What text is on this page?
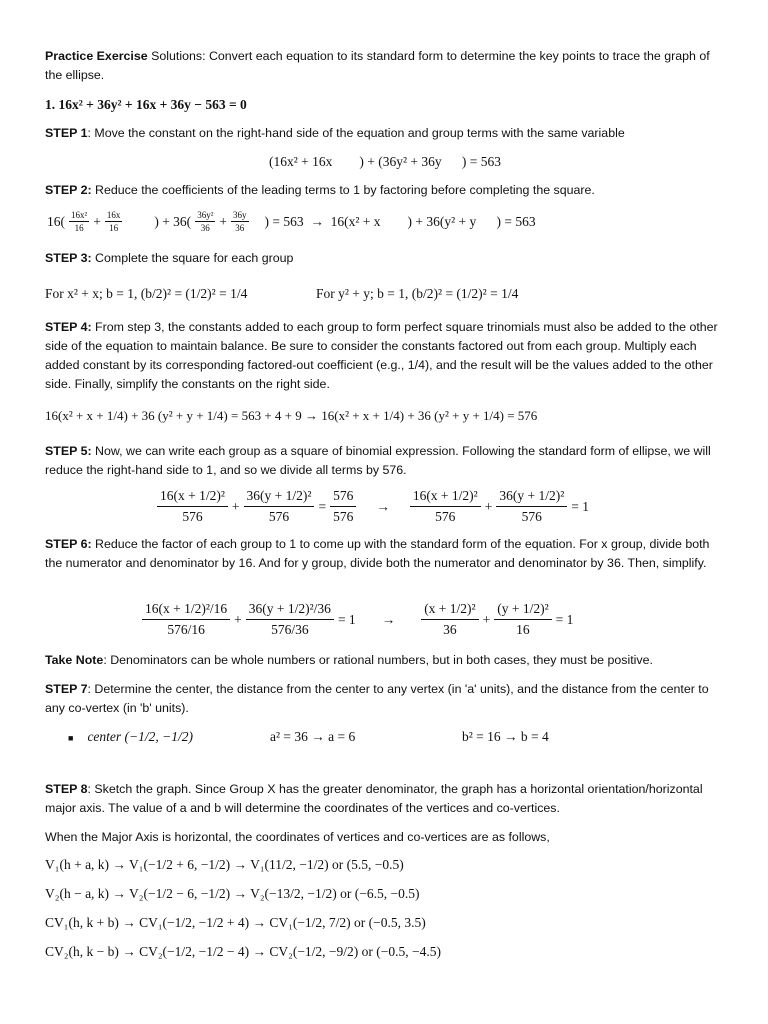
Practice Exercise Solutions: Convert each equation to its standard form to determine the key points to trace the graph of the ellipse.

1. 16x² + 36y² + 16x + 36y − 563 = 0

STEP 1: Move the constant on the right-hand side of the equation and group terms with the same variable

(16x² + 16x        ) + (36y² + 36y      ) = 563

STEP 2: Reduce the coefficients of the leading terms to 1 by factoring before completing the square.

$16( \frac{\text{16x²}}{16} + \frac{16x}{16}$ ) + $36( \frac{\text{36y²}}{36} + \frac{36y}{36}$ ) = 563  →  16(x² + x        ) + 36(y² + y      ) = 563

STEP 3: Complete the square for each group

For x² + x; b = 1, (b/2)² = (1/2)² = 1/4	For y² + y; b = 1, (b/2)² = (1/2)² = 1/4

STEP 4: From step 3, the constants added to each group to form perfect square trinomials must also be added to the other side of the equation to maintain balance. Be sure to consider the constants factored out from each group. Multiply each added constant by its corresponding factored-out coefficient (e.g., 1/4), and the result will be the values added to the other side. Finally, simplify the constants on the right side.

16(x² + x + 1/4) + 36 (y² + y + 1/4) = 563 + 4 + 9 → 16(x² + x + 1/4) + 36 (y² + y + 1/4) = 576

STEP 5: Now, we can write each group as a square of binomial expression. Following the standard form of ellipse, we will reduce the right-hand side to 1, and so we divide all terms by 576.

$\frac{\text{16(x + 1/2)²}}{576} + \frac{\text{36(y + 1/2)²}}{576} = \frac{576}{576} \to \frac{\text{16(x + 1/2)²}}{576} + \frac{\text{36(y + 1/2)²}}{576} = 1$

STEP 6: Reduce the factor of each group to 1 to come up with the standard form of the equation. For x group, divide both the numerator and denominator by 16. And for y group, divide both the numerator and denominator by 36. Then, simplify.

$\frac{\text{16(x + 1/2)²/16}}{576/16} + \frac{\text{36(y + 1/2)²/36}}{576/36} = 1 \to \frac{\text{(x + 1/2)²}}{36} + \frac{\text{(y + 1/2)²}}{16} = 1$

Take Note: Denominators can be whole numbers or rational numbers, but in both cases, they must be positive.

STEP 7: Determine the center, the distance from the center to any vertex (in 'a' units), and the distance from the center to any co-vertex (in 'b' units).

■ center (−1/2, −1/2)	a² = 36 → a = 6	b² = 16 → b = 4

STEP 8: Sketch the graph. Since Group X has the greater denominator, the graph has a horizontal orientation/horizontal major axis. The value of a and b will determine the coordinates of the vertices and co-vertices.

When the Major Axis is horizontal, the coordinates of vertices and co-vertices are as follows,

V₁(h + a, k) → V₁(−1/2 + 6, −1/2) → V₁(11/2, −1/2) or (5.5, −0.5)
V₂(h − a, k) → V₂(−1/2 − 6, −1/2) → V₂(−13/2, −1/2) or (−6.5, −0.5)
CV₁(h, k + b) → CV₁(−1/2, −1/2 + 4) → CV₁(−1/2, 7/2) or (−0.5, 3.5)
CV₂(h, k − b) → CV₂(−1/2, −1/2 − 4) → CV₂(−1/2, −9/2) or (−0.5, −4.5)
